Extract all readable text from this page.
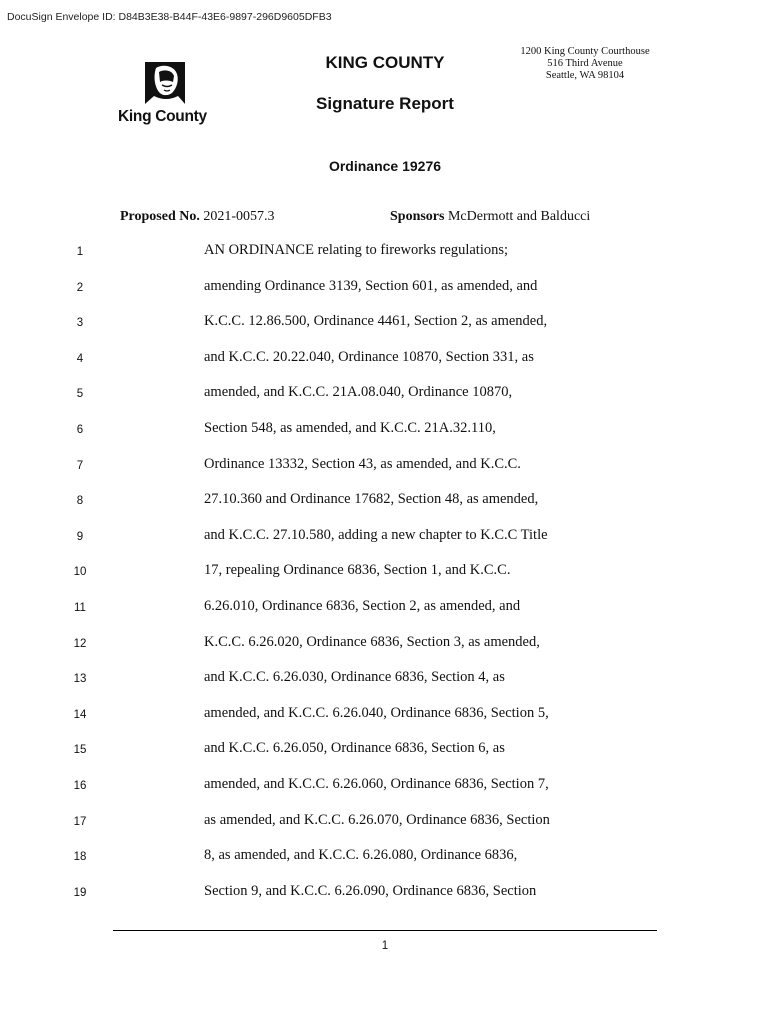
DocuSign Envelope ID: D84B3E38-B44F-43E6-9897-296D9605DFB3
King County
KING COUNTY
Signature Report
1200 King County Courthouse
516 Third Avenue
Seattle, WA 98104
Ordinance 19276
Proposed No. 2021-0057.3	Sponsors McDermott and Balducci
1	AN ORDINANCE relating to fireworks regulations;
2	amending Ordinance 3139, Section 601, as amended, and
3	K.C.C. 12.86.500, Ordinance 4461, Section 2, as amended,
4	and K.C.C. 20.22.040, Ordinance 10870, Section 331, as
5	amended, and K.C.C. 21A.08.040, Ordinance 10870,
6	Section 548, as amended, and K.C.C. 21A.32.110,
7	Ordinance 13332, Section 43, as amended, and K.C.C.
8	27.10.360 and Ordinance 17682, Section 48, as amended,
9	and K.C.C. 27.10.580, adding a new chapter to K.C.C Title
10	17, repealing Ordinance 6836, Section 1, and K.C.C.
11	6.26.010, Ordinance 6836, Section 2, as amended, and
12	K.C.C. 6.26.020, Ordinance 6836, Section 3, as amended,
13	and K.C.C. 6.26.030, Ordinance 6836, Section 4, as
14	amended, and K.C.C. 6.26.040, Ordinance 6836, Section 5,
15	and K.C.C. 6.26.050, Ordinance 6836, Section 6, as
16	amended, and K.C.C. 6.26.060, Ordinance 6836, Section 7,
17	as amended, and K.C.C. 6.26.070, Ordinance 6836, Section
18	8, as amended, and K.C.C. 6.26.080, Ordinance 6836,
19	Section 9, and K.C.C. 6.26.090, Ordinance 6836, Section
1
